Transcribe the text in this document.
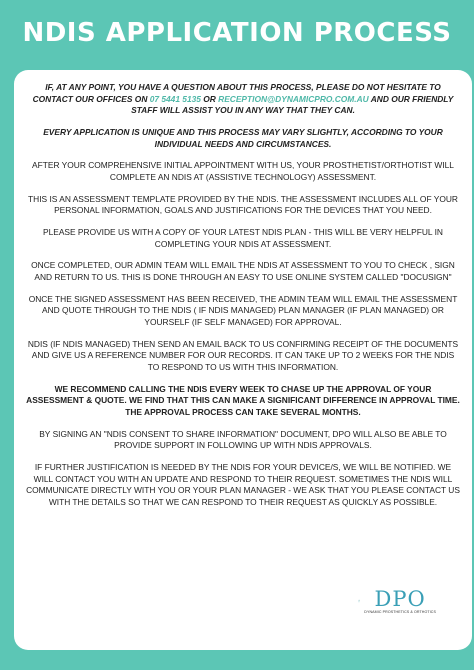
NDIS APPLICATION PROCESS

IF, AT ANY POINT, YOU HAVE A QUESTION ABOUT THIS PROCESS, PLEASE DO NOT HESITATE TO CONTACT OUR OFFICES ON 07 5441 5135 OR RECEPTION@DYNAMICPRO.COM.AU AND OUR FRIENDLY STAFF WILL ASSIST YOU IN ANY WAY THAT THEY CAN.

EVERY APPLICATION IS UNIQUE AND THIS PROCESS MAY VARY SLIGHTLY, ACCORDING TO YOUR INDIVIDUAL NEEDS AND CIRCUMSTANCES.

AFTER YOUR COMPREHENSIVE INITIAL APPOINTMENT WITH US, YOUR PROSTHETIST/ORTHOTIST WILL COMPLETE AN NDIS AT (ASSISTIVE TECHNOLOGY) ASSESSMENT.

THIS IS AN ASSESSMENT TEMPLATE PROVIDED BY THE NDIS. THE ASSESSMENT INCLUDES ALL OF YOUR PERSONAL INFORMATION, GOALS AND JUSTIFICATIONS FOR THE DEVICES THAT YOU NEED.

PLEASE PROVIDE US WITH A COPY OF YOUR LATEST NDIS PLAN - THIS WILL BE VERY HELPFUL IN COMPLETING YOUR NDIS AT ASSESSMENT.

ONCE COMPLETED, OUR ADMIN TEAM WILL EMAIL THE NDIS AT ASSESSMENT TO YOU TO CHECK , SIGN AND RETURN TO US. THIS IS DONE THROUGH AN EASY TO USE ONLINE SYSTEM CALLED "DOCUSIGN"

ONCE THE SIGNED ASSESSMENT HAS BEEN RECEIVED, THE ADMIN TEAM WILL EMAIL THE ASSESSMENT AND QUOTE THROUGH TO THE NDIS ( IF NDIS MANAGED) PLAN MANAGER (IF PLAN MANAGED) OR YOURSELF (IF SELF MANAGED) FOR APPROVAL.

NDIS (IF NDIS MANAGED) THEN SEND AN EMAIL BACK TO US CONFIRMING RECEIPT OF THE DOCUMENTS AND GIVE US A REFERENCE NUMBER FOR OUR RECORDS. IT CAN TAKE UP TO 2 WEEKS FOR THE NDIS TO RESPOND TO US WITH THIS INFORMATION.

WE RECOMMEND CALLING THE NDIS EVERY WEEK TO CHASE UP THE APPROVAL OF YOUR ASSESSMENT & QUOTE. WE FIND THAT THIS CAN MAKE A SIGNIFICANT DIFFERENCE IN APPROVAL TIME. THE APPROVAL PROCESS CAN TAKE SEVERAL MONTHS.

BY SIGNING AN "NDIS CONSENT TO SHARE INFORMATION" DOCUMENT, DPO WILL ALSO BE ABLE TO PROVIDE SUPPORT IN FOLLOWING UP WITH NDIS APPROVALS.

IF FURTHER JUSTIFICATION IS NEEDED BY THE NDIS FOR YOUR DEVICE/S, WE WILL BE NOTIFIED. WE WILL CONTACT YOU WITH AN UPDATE AND RESPOND TO THEIR REQUEST. SOMETIMES THE NDIS WILL COMMUNICATE DIRECTLY WITH YOU OR YOUR PLAN MANAGER - WE ASK THAT YOU PLEASE CONTACT US WITH THE DETAILS SO THAT WE CAN RESPOND TO THEIR REQUEST AS QUICKLY AS POSSIBLE.

DPO
DYNAMIC PROSTHETICS & ORTHOTICS
